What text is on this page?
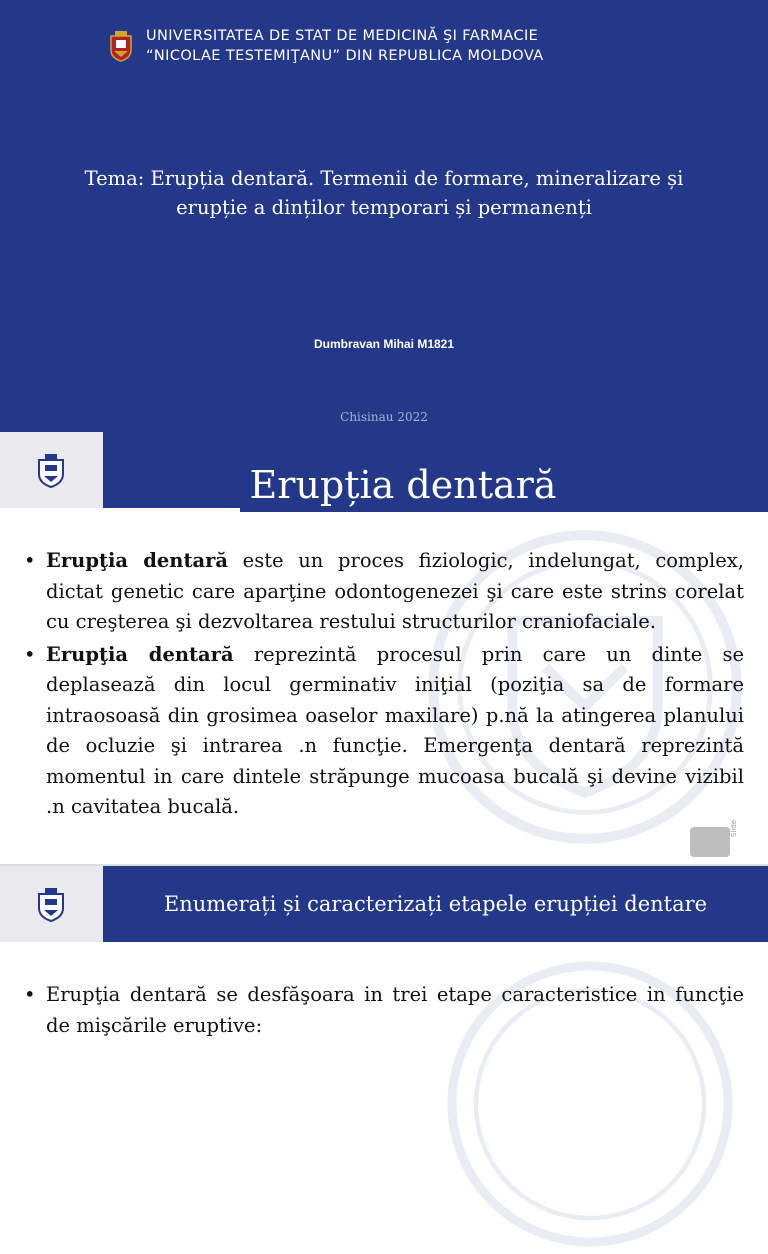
UNIVERSITATEA DE STAT DE MEDICINĂ ŞI FARMACIE
“NICOLAE TESTEMIŢANU” DIN REPUBLICA MOLDOVA
Tema: Erupția dentară. Termenii de formare, mineralizare și
erupție a dinților temporari și permanenți
Dumbravan Mihai M1821
Chisinau 2022
Erupția dentară
• Erupţia dentară este un proces fiziologic, indelungat, complex, dictat genetic care aparţine odontogenezei şi care este strins corelat cu creşterea şi dezvoltarea restului structurilor craniofaciale.
• Erupţia dentară reprezintă procesul prin care un dinte se deplasează din locul germinativ iniţial (poziţia sa de formare intraosoasă din grosimea oaselor maxilare) p.nă la atingerea planului de ocluzie şi intrarea .n funcţie. Emergenţa dentară reprezintă momentul in care dintele străpunge mucoasa bucală şi devine vizibil .n cavitatea bucală.
Slide
Enumerați și caracterizați etapele erupției dentare
• Erupţia dentară se desfăşoara in trei etape caracteristice in funcţie de mişcările eruptive:
